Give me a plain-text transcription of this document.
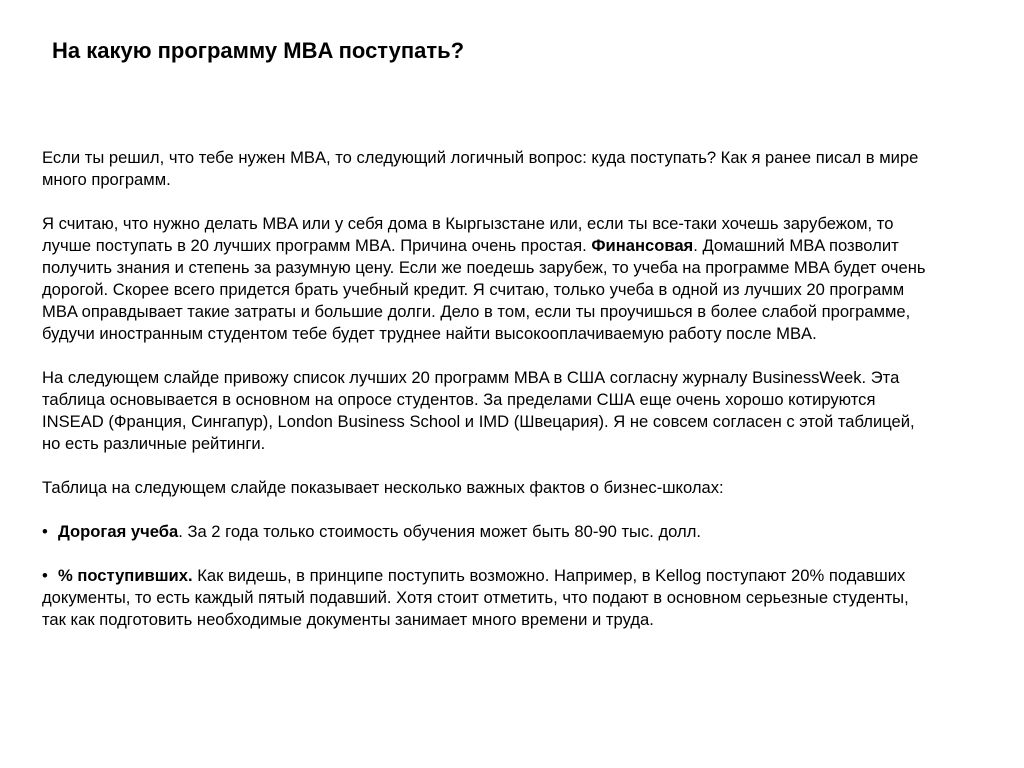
На какую программу MBA поступать?

Если ты решил, что тебе нужен MBA, то следующий логичный вопрос: куда поступать? Как я ранее писал в мире много программ.

Я считаю, что нужно делать MBA или у себя дома в Кыргызстане или, если ты все-таки хочешь зарубежом, то лучше поступать в 20 лучших программ MBA. Причина очень простая. Финансовая. Домашний MBA позволит получить знания и степень за разумную цену. Если же поедешь зарубеж, то учеба на программе MBA будет очень дорогой. Скорее всего придется брать учебный кредит. Я считаю, только учеба в одной из лучших 20 программ MBA оправдывает такие затраты и большие долги. Дело в том, если ты проучишься в более слабой программе, будучи иностранным студентом тебе будет труднее найти высокооплачиваемую работу после MBA.

На следующем слайде привожу список лучших 20 программ MBA в США согласну журналу BusinessWeek. Эта таблица основывается в основном на опросе студентов. За пределами США еще очень хорошо котируются INSEAD (Франция, Сингапур), London Business School и IMD (Швецария). Я не совсем согласен с этой таблицей, но есть различные рейтинги.

Таблица на следующем слайде показывает несколько важных фактов о бизнес-школах:

• Дорогая учеба. За 2 года только стоимость обучения может быть 80-90 тыс. долл.

• % поступивших. Как видешь, в принципе поступить возможно. Например, в Kellog поступают 20% подавших документы, то есть каждый пятый подавший. Хотя стоит отметить, что подают в основном серьезные студенты, так как подготовить необходимые документы занимает много времени и труда.
